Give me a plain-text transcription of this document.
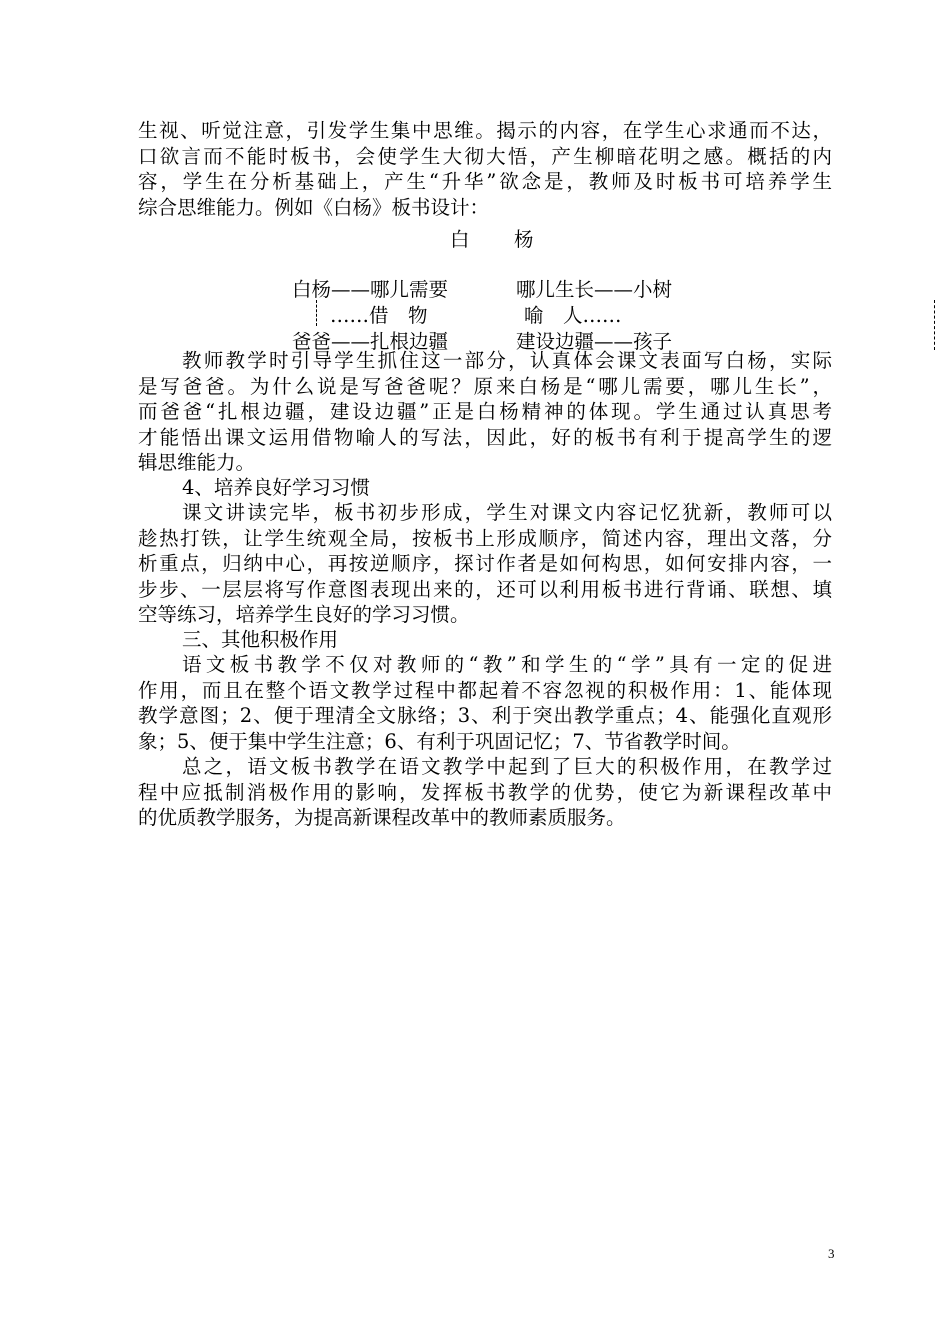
生视、听觉注意，引发学生集中思维。揭示的内容，在学生心求通而不达，
口欲言而不能时板书，会使学生大彻大悟，产生柳暗花明之感。概括的内
容，学生在分析基础上，产生“升华”欲念是，教师及时板书可培养学生
综合思维能力。例如《白杨》板书设计：
白 杨
白杨——哪儿需要	哪儿生长——小树
……借　物	喻　人……
爸爸——扎根边疆	建设边疆——孩子
教师教学时引导学生抓住这一部分，认真体会课文表面写白杨，实际
是写爸爸。为什么说是写爸爸呢？原来白杨是“哪儿需要，哪儿生长”，
而爸爸“扎根边疆，建设边疆”正是白杨精神的体现。学生通过认真思考
才能悟出课文运用借物喻人的写法，因此，好的板书有利于提高学生的逻
辑思维能力。
4、培养良好学习习惯
课文讲读完毕，板书初步形成，学生对课文内容记忆犹新，教师可以
趁热打铁，让学生统观全局，按板书上形成顺序，简述内容，理出文落，分
析重点，归纳中心，再按逆顺序，探讨作者是如何构思，如何安排内容，一
步步、一层层将写作意图表现出来的，还可以利用板书进行背诵、联想、填
空等练习，培养学生良好的学习习惯。
三、其他积极作用
语文板书教学不仅对教师的“教”和学生的“学”具有一定的促进
作用，而且在整个语文教学过程中都起着不容忽视的积极作用：1、能体现
教学意图；2、便于理清全文脉络；3、利于突出教学重点；4、能强化直观形
象；5、便于集中学生注意；6、有利于巩固记忆；7、节省教学时间。
总之，语文板书教学在语文教学中起到了巨大的积极作用，在教学过
程中应抵制消极作用的影响，发挥板书教学的优势，使它为新课程改革中
的优质教学服务，为提高新课程改革中的教师素质服务。
3
